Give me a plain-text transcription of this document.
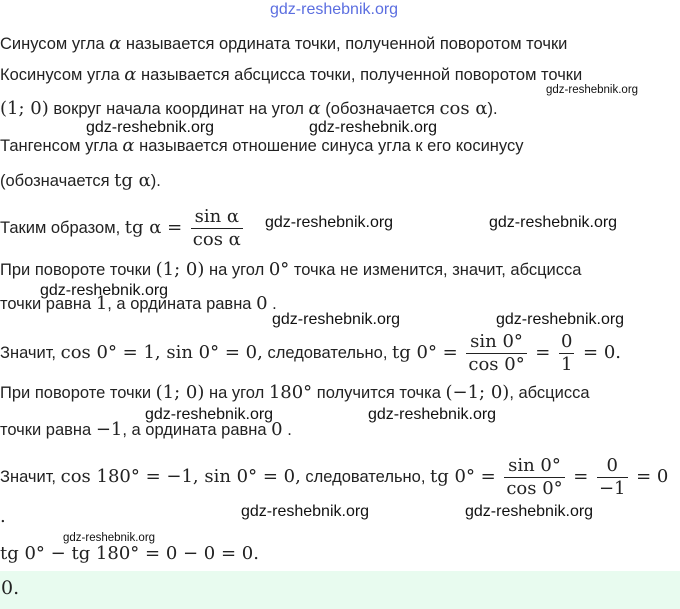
gdz-reshebnik.org
Синусом угла α называется ордината точки, полученной поворотом точки
Косинусом угла α называется абсцисса точки, полученной поворотом точки
gdz-reshebnik.org
(1; 0) вокруг начала координат на угол α (обозначается cos α).
gdz-reshebnik.org	gdz-reshebnik.org
Тангенсом угла α называется отношение синуса угла к его косинусу
(обозначается tg α).
Таким образом, tg $\alpha = \frac{\text{sin α}}{\text{cos α}}$ gdz-reshebnik.org	gdz-reshebnik.org
При повороте точки (1; 0) на угол 0° точка не изменится, значит, абсцисса
gdz-reshebnik.org
точки равна 1, а ордината равна 0 .
gdz-reshebnik.org	gdz-reshebnik.org
Значит, cos 0° = 1, sin 0° = 0, следовательно, tg $0^\circ = \frac{\sin 0^\circ}{\cos 0^\circ} = \frac{0}{1} = 0$.
При повороте точки (1; 0) на угол 180° получится точка (−1; 0), абсцисса
gdz-reshebnik.org	gdz-reshebnik.org
точки равна −1, а ордината равна 0 .
Значит, cos 180° = −1, sin 0° = 0, следовательно, tg $0^\circ = \frac{\sin 0^\circ}{\cos 0^\circ} = \frac{0}{-1} = 0$
.	gdz-reshebnik.org	gdz-reshebnik.org
gdz-reshebnik.org
tg 0° − tg 180° = 0 − 0 = 0.
0.
